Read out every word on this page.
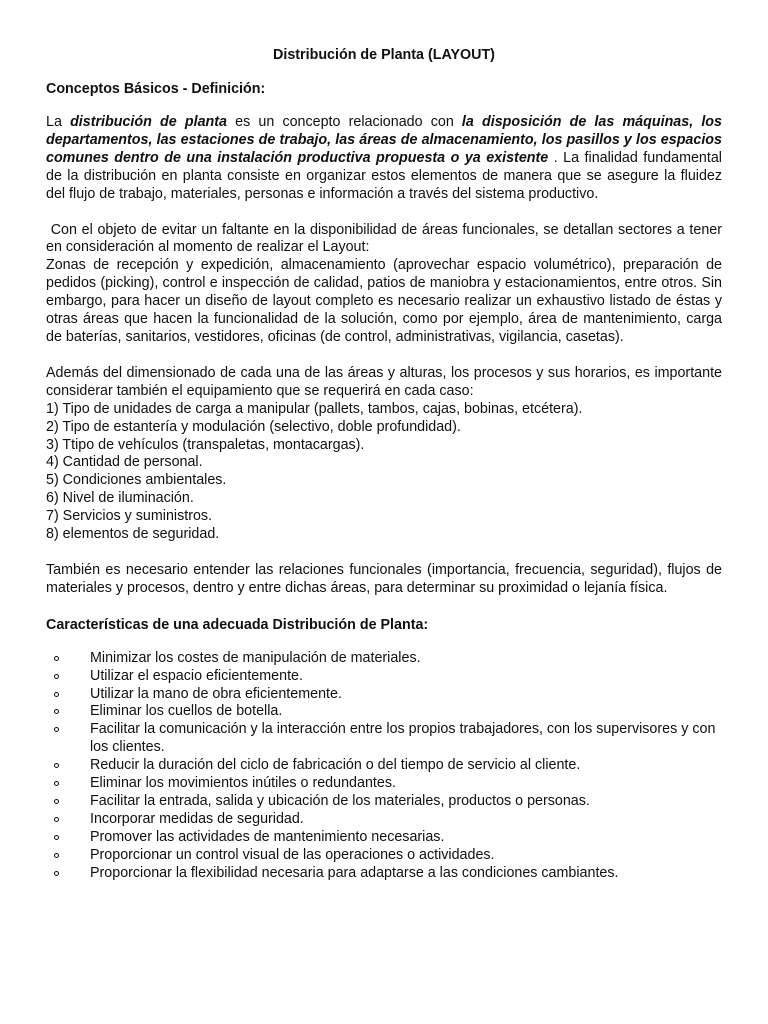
Distribución de Planta (LAYOUT)
Conceptos Básicos - Definición:

La distribución de planta es un concepto relacionado con la disposición de las máquinas, los departamentos, las estaciones de trabajo, las áreas de almacenamiento, los pasillos y los espacios comunes dentro de una instalación productiva propuesta o ya existente . La finalidad fundamental de la distribución en planta consiste en organizar estos elementos de manera que se asegure la fluidez del flujo de trabajo, materiales, personas e información a través del sistema productivo.

Con el objeto de evitar un faltante en la disponibilidad de áreas funcionales, se detallan sectores a tener en consideración al momento de realizar el Layout:

Zonas de recepción y expedición, almacenamiento (aprovechar espacio volumétrico), preparación de pedidos (picking), control e inspección de calidad, patios de maniobra y estacionamientos, entre otros. Sin embargo, para hacer un diseño de layout completo es necesario realizar un exhaustivo listado de éstas y otras áreas que hacen la funcionalidad de la solución, como por ejemplo, área de mantenimiento, carga de baterías, sanitarios, vestidores, oficinas (de control, administrativas, vigilancia, casetas).

Además del dimensionado de cada una de las áreas y alturas, los procesos y sus horarios, es importante considerar también el equipamiento que se requerirá en cada caso:

1) Tipo de unidades de carga a manipular (pallets, tambos, cajas, bobinas, etcétera).
2) Tipo de estantería y modulación (selectivo, doble profundidad).
3) Ttipo de vehículos (transpaletas, montacargas).
4) Cantidad de personal.
5) Condiciones ambientales.
6) Nivel de iluminación.
7) Servicios y suministros.
8) elementos de seguridad.

También es necesario entender las relaciones funcionales (importancia, frecuencia, seguridad), flujos de materiales y procesos, dentro y entre dichas áreas, para determinar su proximidad o lejanía física.

Características de una adecuada Distribución de Planta:
Minimizar los costes de manipulación de materiales.
Utilizar el espacio eficientemente.
Utilizar la mano de obra eficientemente.
Eliminar los cuellos de botella.
Facilitar la comunicación y la interacción entre los propios trabajadores, con los supervisores y con los clientes.
Reducir la duración del ciclo de fabricación o del tiempo de servicio al cliente.
Eliminar los movimientos inútiles o redundantes.
Facilitar la entrada, salida y ubicación de los materiales, productos o personas.
Incorporar medidas de seguridad.
Promover las actividades de mantenimiento necesarias.
Proporcionar un control visual de las operaciones o actividades.
Proporcionar la flexibilidad necesaria para adaptarse a las condiciones cambiantes.
